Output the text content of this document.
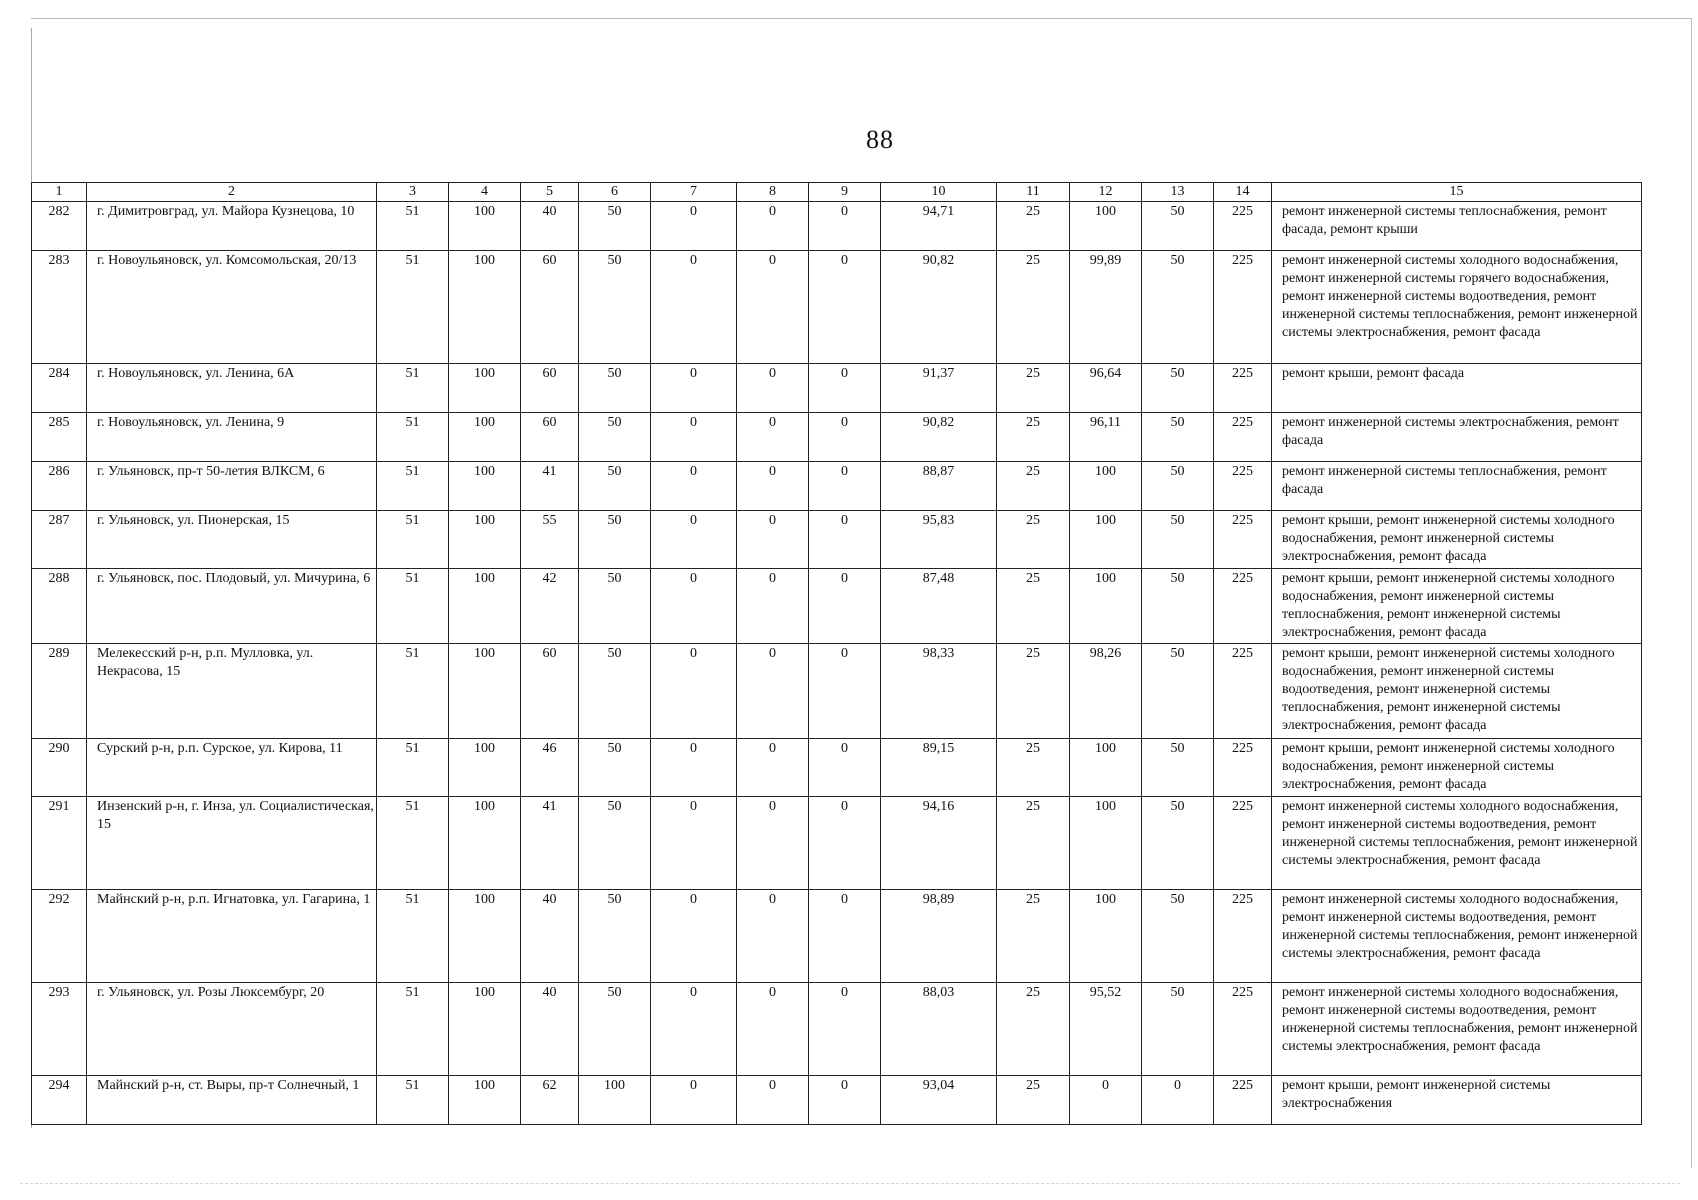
88
1	2	3	4	5	6	7	8	9	10	11	12	13	14	15
282	г. Димитровград, ул. Майора Кузнецова, 10	51	100	40	50	0	0	0	94,71	25	100	50	225	ремонт инженерной системы теплоснабжения, ремонт фасада, ремонт крыши
283	г. Новоульяновск, ул. Комсомольская, 20/13	51	100	60	50	0	0	0	90,82	25	99,89	50	225	ремонт инженерной системы холодного водоснабжения, ремонт инженерной системы горячего водоснабжения, ремонт инженерной системы водоотведения, ремонт инженерной системы теплоснабжения, ремонт инженерной системы электроснабжения, ремонт фасада
284	г. Новоульяновск, ул. Ленина, 6А	51	100	60	50	0	0	0	91,37	25	96,64	50	225	ремонт крыши, ремонт фасада
285	г. Новоульяновск, ул. Ленина, 9	51	100	60	50	0	0	0	90,82	25	96,11	50	225	ремонт инженерной системы электроснабжения, ремонт фасада
286	г. Ульяновск, пр-т 50-летия ВЛКСМ, 6	51	100	41	50	0	0	0	88,87	25	100	50	225	ремонт инженерной системы теплоснабжения, ремонт фасада
287	г. Ульяновск, ул. Пионерская, 15	51	100	55	50	0	0	0	95,83	25	100	50	225	ремонт крыши, ремонт инженерной системы холодного водоснабжения, ремонт инженерной системы электроснабжения, ремонт фасада
288	г. Ульяновск, пос. Плодовый, ул. Мичурина, 6	51	100	42	50	0	0	0	87,48	25	100	50	225	ремонт крыши, ремонт инженерной системы холодного водоснабжения, ремонт инженерной системы теплоснабжения, ремонт инженерной системы электроснабжения, ремонт фасада
289	Мелекесский р-н, р.п. Мулловка, ул. Некрасова, 15	51	100	60	50	0	0	0	98,33	25	98,26	50	225	ремонт крыши, ремонт инженерной системы холодного водоснабжения, ремонт инженерной системы водоотведения, ремонт инженерной системы теплоснабжения, ремонт инженерной системы электроснабжения, ремонт фасада
290	Сурский р-н, р.п. Сурское, ул. Кирова, 11	51	100	46	50	0	0	0	89,15	25	100	50	225	ремонт крыши, ремонт инженерной системы холодного водоснабжения, ремонт инженерной системы электроснабжения, ремонт фасада
291	Инзенский р-н, г. Инза, ул. Социалистическая, 15	51	100	41	50	0	0	0	94,16	25	100	50	225	ремонт инженерной системы холодного водоснабжения, ремонт инженерной системы водоотведения, ремонт инженерной системы теплоснабжения, ремонт инженерной системы электроснабжения, ремонт фасада
292	Майнский р-н, р.п. Игнатовка, ул. Гагарина, 1	51	100	40	50	0	0	0	98,89	25	100	50	225	ремонт инженерной системы холодного водоснабжения, ремонт инженерной системы водоотведения, ремонт инженерной системы теплоснабжения, ремонт инженерной системы электроснабжения, ремонт фасада
293	г. Ульяновск, ул. Розы Люксембург, 20	51	100	40	50	0	0	0	88,03	25	95,52	50	225	ремонт инженерной системы холодного водоснабжения, ремонт инженерной системы водоотведения, ремонт инженерной системы теплоснабжения, ремонт инженерной системы электроснабжения, ремонт фасада
294	Майнский р-н, ст. Выры, пр-т Солнечный, 1	51	100	62	100	0	0	0	93,04	25	0	0	225	ремонт крыши, ремонт инженерной системы электроснабжения
